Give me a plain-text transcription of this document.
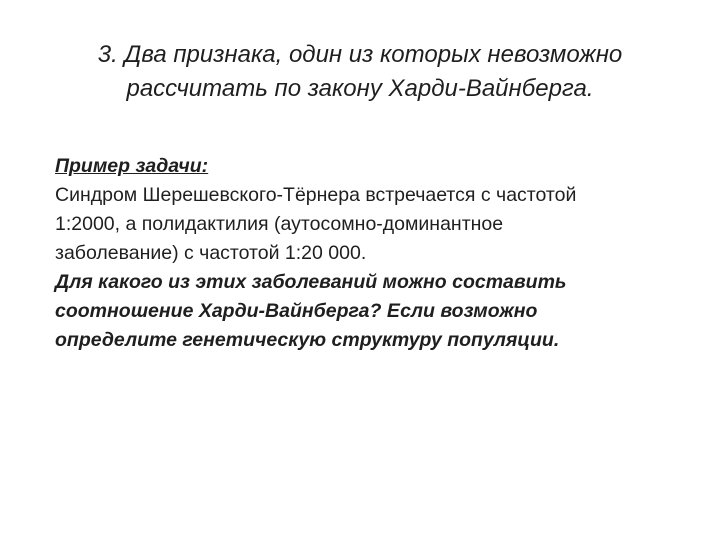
3. Два признака, один из которых невозможно
рассчитать по закону Харди-Вайнберга.
Пример задачи:
Синдром Шерешевского-Тёрнера встречается с частотой
1:2000, а полидактилия (аутосомно-доминантное
заболевание) с частотой 1:20 000.
Для какого из этих заболеваний можно составить
соотношение Харди-Вайнберга? Если возможно
определите генетическую структуру популяции.
